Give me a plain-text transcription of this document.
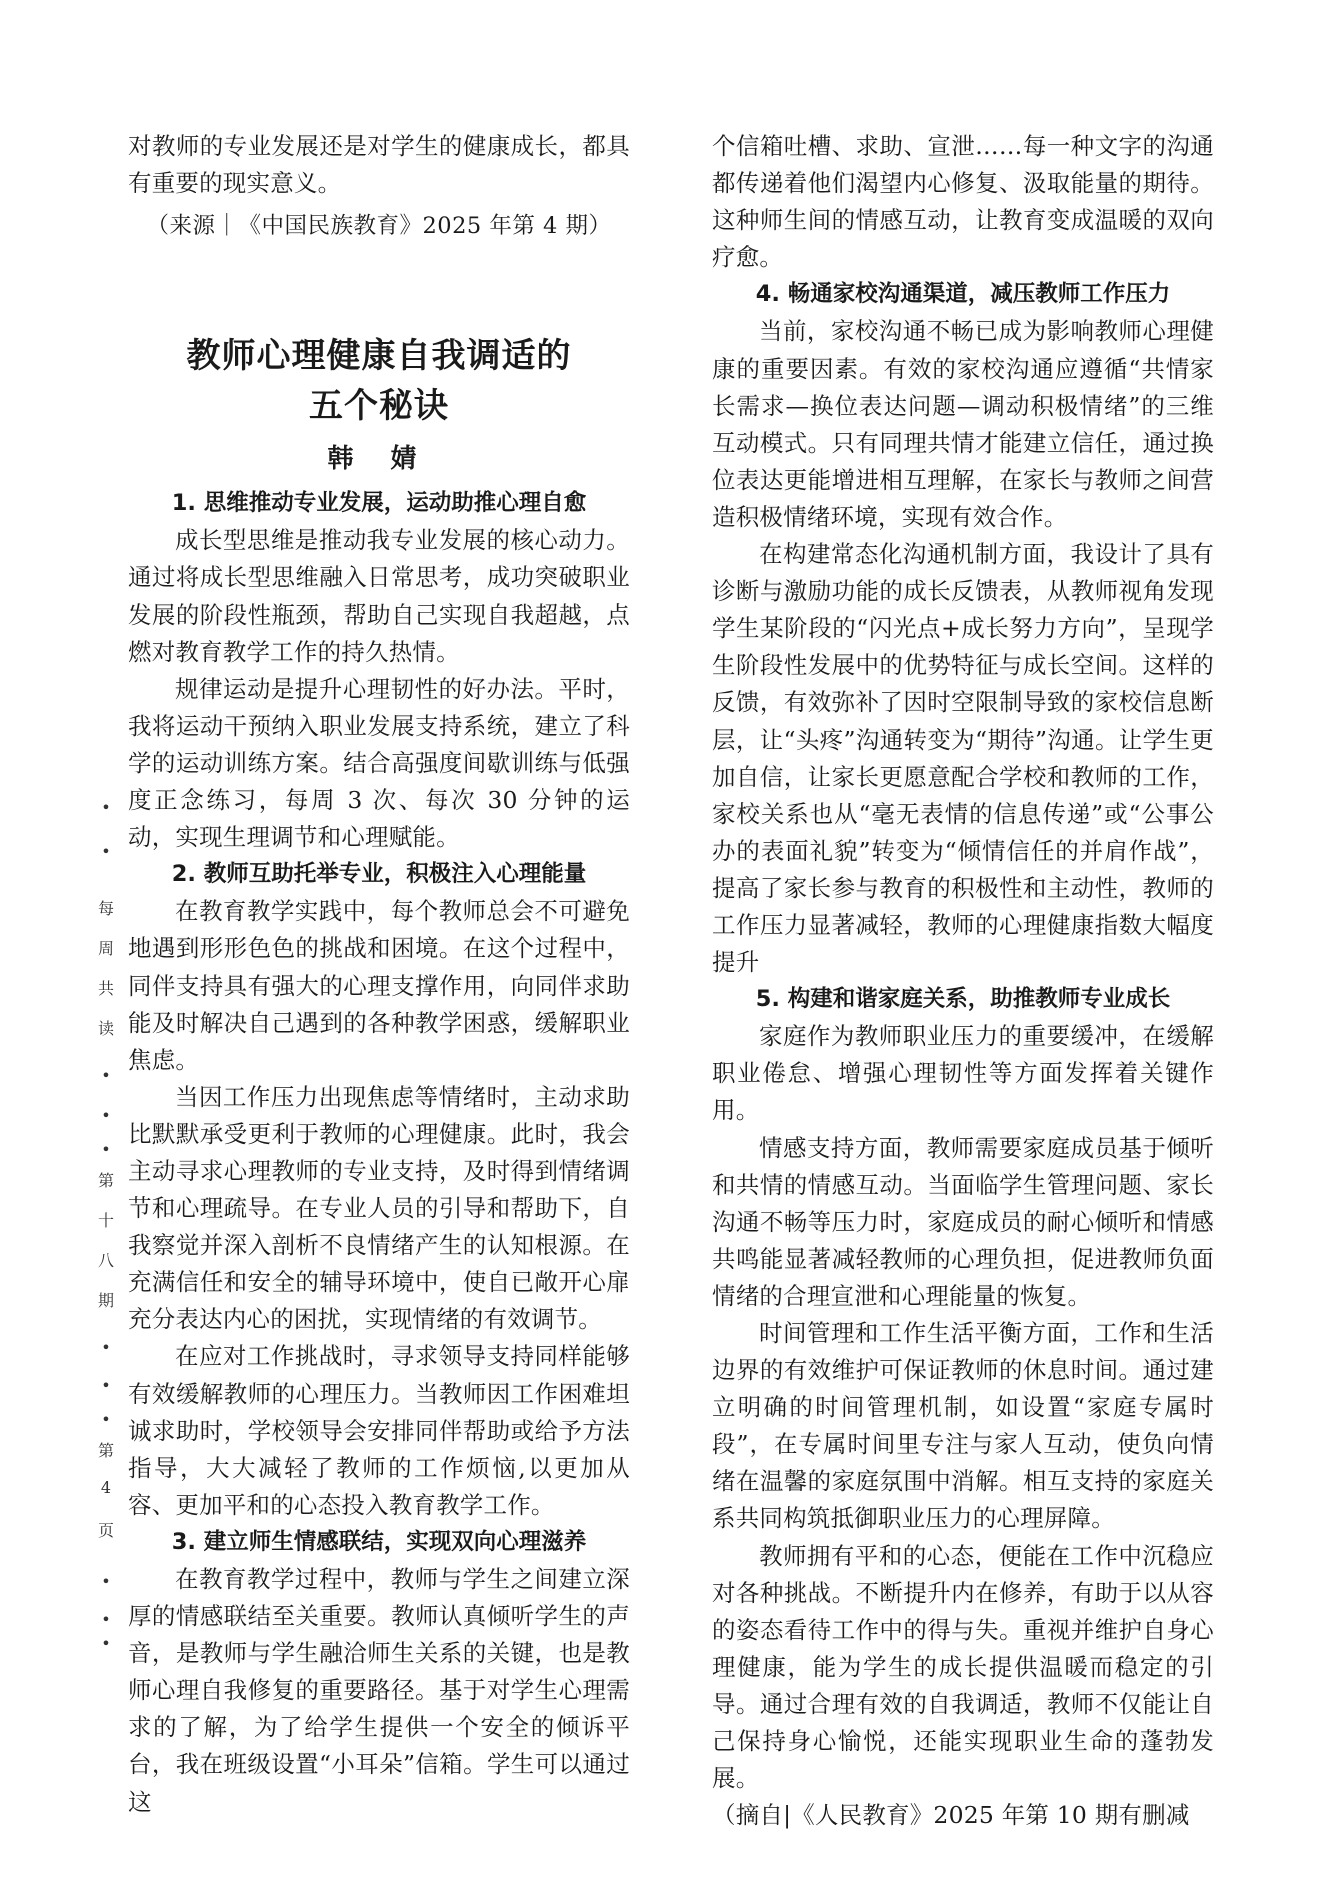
对教师的专业发展还是对学生的健康成长，都具有重要的现实意义。

（来源｜《中国民族教育》2025 年第 4 期）

教师心理健康自我调适的

五个秘诀

韩 婧

1. 思维推动专业发展，运动助推心理自愈

成长型思维是推动我专业发展的核心动力。通过将成长型思维融入日常思考，成功突破职业发展的阶段性瓶颈，帮助自己实现自我超越，点燃对教育教学工作的持久热情。

规律运动是提升心理韧性的好办法。平时，我将运动干预纳入职业发展支持系统，建立了科学的运动训练方案。结合高强度间歇训练与低强度正念练习，每周 3 次、每次 30 分钟的运动，实现生理调节和心理赋能。

2. 教师互助托举专业，积极注入心理能量

在教育教学实践中，每个教师总会不可避免地遇到形形色色的挑战和困境。在这个过程中，同伴支持具有强大的心理支撑作用，向同伴求助能及时解决自己遇到的各种教学困惑，缓解职业焦虑。

当因工作压力出现焦虑等情绪时，主动求助比默默承受更利于教师的心理健康。此时，我会主动寻求心理教师的专业支持，及时得到情绪调节和心理疏导。在专业人员的引导和帮助下，自我察觉并深入剖析不良情绪产生的认知根源。在充满信任和安全的辅导环境中，使自已敞开心扉充分表达内心的困扰，实现情绪的有效调节。

在应对工作挑战时，寻求领导支持同样能够有效缓解教师的心理压力。当教师因工作困难坦诚求助时，学校领导会安排同伴帮助或给予方法指导，大大减轻了教师的工作烦恼,以更加从容、更加平和的心态投入教育教学工作。

3. 建立师生情感联结，实现双向心理滋养

在教育教学过程中，教师与学生之间建立深厚的情感联结至关重要。教师认真倾听学生的声音，是教师与学生融洽师生关系的关键，也是教师心理自我修复的重要路径。基于对学生心理需求的了解，为了给学生提供一个安全的倾诉平台，我在班级设置“小耳朵”信箱。学生可以通过这

个信箱吐槽、求助、宣泄……每一种文字的沟通都传递着他们渴望内心修复、汲取能量的期待。这种师生间的情感互动，让教育变成温暖的双向疗愈。

4. 畅通家校沟通渠道，减压教师工作压力

当前，家校沟通不畅已成为影响教师心理健康的重要因素。有效的家校沟通应遵循“共情家长需求—换位表达问题—调动积极情绪”的三维互动模式。只有同理共情才能建立信任，通过换位表达更能增进相互理解，在家长与教师之间营造积极情绪环境，实现有效合作。

在构建常态化沟通机制方面，我设计了具有诊断与激励功能的成长反馈表，从教师视角发现学生某阶段的“闪光点+成长努力方向”，呈现学生阶段性发展中的优势特征与成长空间。这样的反馈，有效弥补了因时空限制导致的家校信息断层，让“头疼”沟通转变为“期待”沟通。让学生更加自信，让家长更愿意配合学校和教师的工作，家校关系也从“毫无表情的信息传递”或“公事公办的表面礼貌”转变为“倾情信任的并肩作战”，提高了家长参与教育的积极性和主动性，教师的工作压力显著减轻，教师的心理健康指数大幅度提升

5. 构建和谐家庭关系，助推教师专业成长

家庭作为教师职业压力的重要缓冲，在缓解职业倦怠、增强心理韧性等方面发挥着关键作用。

情感支持方面，教师需要家庭成员基于倾听和共情的情感互动。当面临学生管理问题、家长沟通不畅等压力时，家庭成员的耐心倾听和情感共鸣能显著减轻教师的心理负担，促进教师负面情绪的合理宣泄和心理能量的恢复。

时间管理和工作生活平衡方面，工作和生活边界的有效维护可保证教师的休息时间。通过建立明确的时间管理机制，如设置“家庭专属时段”，在专属时间里专注与家人互动，使负向情绪在温馨的家庭氛围中消解。相互支持的家庭关系共同构筑抵御职业压力的心理屏障。

教师拥有平和的心态，便能在工作中沉稳应对各种挑战。不断提升内在修养，有助于以从容的姿态看待工作中的得与失。重视并维护自身心理健康，能为学生的成长提供温暖而稳定的引导。通过合理有效的自我调适，教师不仅能让自己保持身心愉悦，还能实现职业生命的蓬勃发展。

（摘自|《人民教育》2025 年第 10 期有删减

•
•
每
周
共
读
•
•
•
第
十
八
期
•
•
•
第
4
页
•
•
•
